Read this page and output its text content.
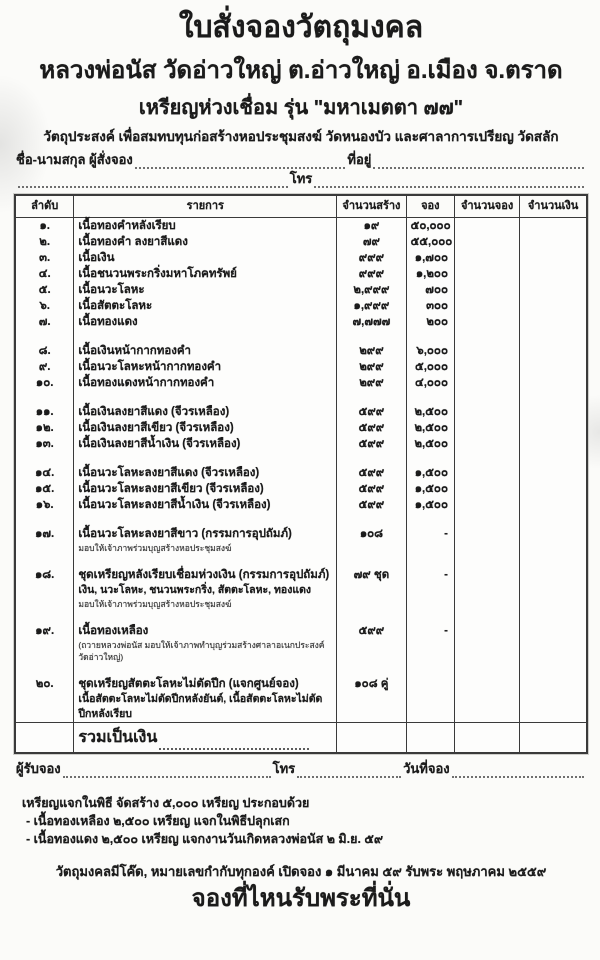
ใบสั่งจองวัตถุมงคล
หลวงพ่อนัส วัดอ่าวใหญ่ ต.อ่าวใหญ่ อ.เมือง จ.ตราด
เหรียญห่วงเชื่อม รุ่น "มหาเมตตา ๗๗"
วัตถุประสงค์ เพื่อสมทบทุนก่อสร้างหอประชุมสงฆ์ วัดหนองบัว และศาลาการเปรียญ วัดสลัก
ชื่อ-นามสกุล ผู้สั่งจอง	ที่อยู่
โทร
ลำดับ	รายการ	จำนวนสร้าง	จอง	จำนวนจอง	จำนวนเงิน
๑.	เนื้อทองคำหลังเรียบ	๑๙	๕๐,๐๐๐		
๒.	เนื้อทองคำ ลงยาสีแดง	๗๙	๕๕,๐๐๐		
๓.	เนื้อเงิน	๙๙๙	๑,๗๐๐		
๔.	เนื้อชนวนพระกริ่งมหาโภคทรัพย์	๙๙๙	๑,๒๐๐		
๕.	เนื้อนวะโลหะ	๒,๙๙๙	๗๐๐		
๖.	เนื้อสัตตะโลหะ	๑,๙๙๙	๓๐๐		
๗.	เนื้อทองแดง	๗,๗๗๗	๒๐๐		

๘.	เนื้อเงินหน้ากากทองคำ	๒๙๙	๖,๐๐๐		
๙.	เนื้อนวะโลหะหน้ากากทองคำ	๒๙๙	๕,๐๐๐		
๑๐.	เนื้อทองแดงหน้ากากทองคำ	๒๙๙	๔,๐๐๐		

๑๑.	เนื้อเงินลงยาสีแดง (จีวรเหลือง)	๕๙๙	๒,๕๐๐		
๑๒.	เนื้อเงินลงยาสีเขียว (จีวรเหลือง)	๕๙๙	๒,๕๐๐		
๑๓.	เนื้อเงินลงยาสีน้ำเงิน (จีวรเหลือง)	๕๙๙	๒,๕๐๐		

๑๔.	เนื้อนวะโลหะลงยาสีแดง (จีวรเหลือง)	๕๙๙	๑,๕๐๐		
๑๕.	เนื้อนวะโลหะลงยาสีเขียว (จีวรเหลือง)	๕๙๙	๑,๕๐๐		
๑๖.	เนื้อนวะโลหะลงยาสีน้ำเงิน (จีวรเหลือง)	๕๙๙	๑,๕๐๐		

๑๗.	เนื้อนวะโลหะลงยาสีขาว (กรรมการอุปถัมภ์)
มอบให้เจ้าภาพร่วมบุญสร้างหอประชุมสงฆ์	๑๐๘	-		

๑๘.	ชุดเหรียญหลังเรียบเชื่อมห่วงเงิน (กรรมการอุปถัมภ์)
เงิน, นวะโลหะ, ชนวนพระกริ่ง, สัตตะโลหะ, ทองแดง
มอบให้เจ้าภาพร่วมบุญสร้างหอประชุมสงฆ์	๗๙ ชุด	-		

๑๙.	เนื้อทองเหลือง
(ถวายหลวงพ่อนัส มอบให้เจ้าภาพทำบุญร่วมสร้างศาลาอเนกประสงค์วัดอ่าวใหญ่)	๕๙๙	-		

๒๐.	ชุดเหรียญสัตตะโลหะไม่ตัดปีก (แจกศูนย์จอง)
เนื้อสัตตะโลหะไม่ตัดปีกหลังยันต์, เนื้อสัตตะโลหะไม่ตัดปีกหลังเรียบ	๑๐๘ คู่			

	รวมเป็นเงิน				

ผู้รับจอง	โทร	วันที่จอง
เหรียญแจกในพิธี จัดสร้าง ๕,๐๐๐ เหรียญ ประกอบด้วย
- เนื้อทองเหลือง ๒,๕๐๐ เหรียญ แจกในพิธีปลุกเสก
- เนื้อทองแดง ๒,๕๐๐ เหรียญ แจกงานวันเกิดหลวงพ่อนัส ๒ มิ.ย. ๕๙
วัตถุมงคลมีโค๊ด, หมายเลขกำกับทุกองค์ เปิดจอง ๑ มีนาคม ๕๙ รับพระ พฤษภาคม ๒๕๕๙
จองที่ไหนรับพระที่นั่น
